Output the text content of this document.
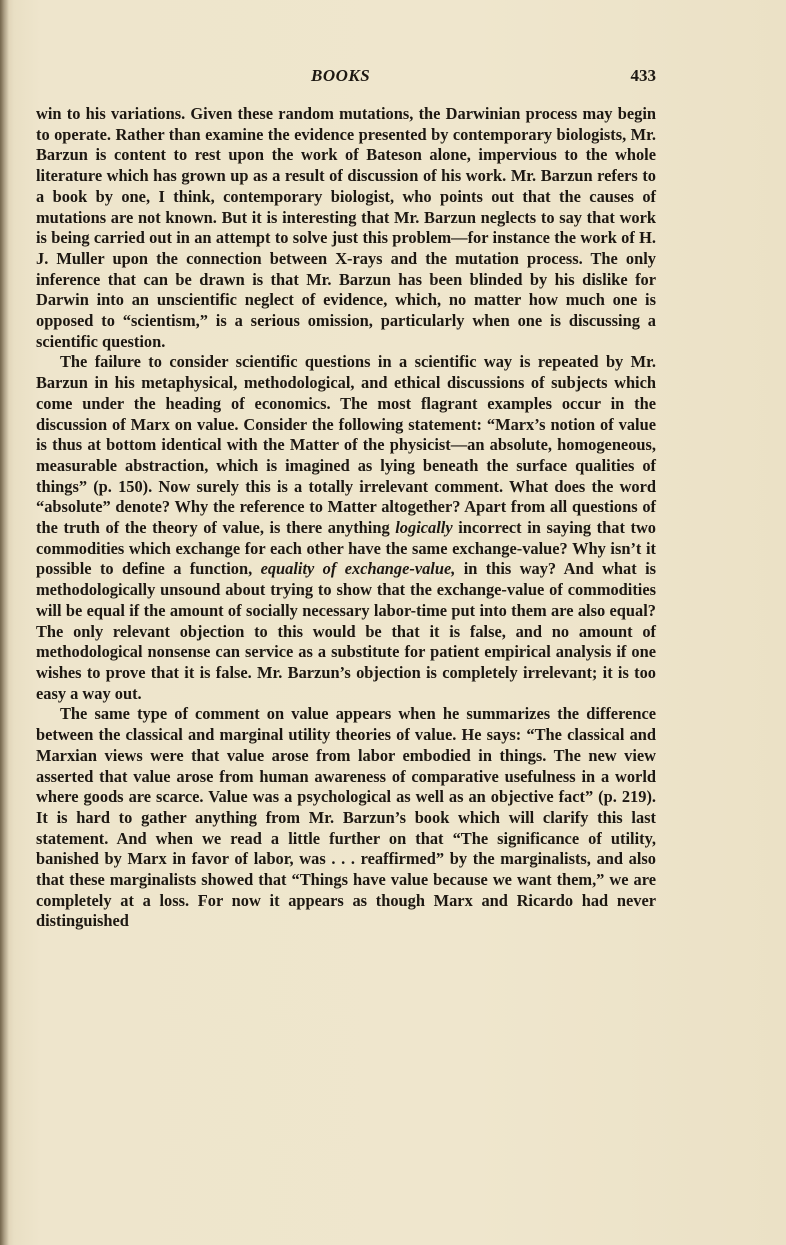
BOOKS	433

win to his variations. Given these random mutations, the Darwinian process may begin to operate. Rather than examine the evidence presented by contemporary biologists, Mr. Barzun is content to rest upon the work of Bateson alone, impervious to the whole literature which has grown up as a result of discussion of his work. Mr. Barzun refers to a book by one, I think, contemporary biologist, who points out that the causes of mutations are not known. But it is interesting that Mr. Barzun neglects to say that work is being carried out in an attempt to solve just this problem—for instance the work of H. J. Muller upon the connection between X-rays and the mutation process. The only inference that can be drawn is that Mr. Barzun has been blinded by his dislike for Darwin into an unscientific neglect of evidence, which, no matter how much one is opposed to “scientism,” is a serious omission, particularly when one is discussing a scientific question.

The failure to consider scientific questions in a scientific way is repeated by Mr. Barzun in his metaphysical, methodological, and ethical discussions of subjects which come under the heading of economics. The most flagrant examples occur in the discussion of Marx on value. Consider the following statement: “Marx’s notion of value is thus at bottom identical with the Matter of the physicist—an absolute, homogeneous, measurable abstraction, which is imagined as lying beneath the surface qualities of things” (p. 150). Now surely this is a totally irrelevant comment. What does the word “absolute” denote? Why the reference to Matter altogether? Apart from all questions of the truth of the theory of value, is there anything logically incorrect in saying that two commodities which exchange for each other have the same exchange-value? Why isn’t it possible to define a function, equality of exchange-value, in this way? And what is methodologically unsound about trying to show that the exchange-value of commodities will be equal if the amount of socially necessary labor-time put into them are also equal? The only relevant objection to this would be that it is false, and no amount of methodological nonsense can service as a substitute for patient empirical analysis if one wishes to prove that it is false. Mr. Barzun’s objection is completely irrelevant; it is too easy a way out.

The same type of comment on value appears when he summarizes the difference between the classical and marginal utility theories of value. He says: “The classical and Marxian views were that value arose from labor embodied in things. The new view asserted that value arose from human awareness of comparative usefulness in a world where goods are scarce. Value was a psychological as well as an objective fact” (p. 219). It is hard to gather anything from Mr. Barzun’s book which will clarify this last statement. And when we read a little further on that “The significance of utility, banished by Marx in favor of labor, was . . . reaffirmed” by the marginalists, and also that these marginalists showed that “Things have value because we want them,” we are completely at a loss. For now it appears as though Marx and Ricardo had never distinguished
